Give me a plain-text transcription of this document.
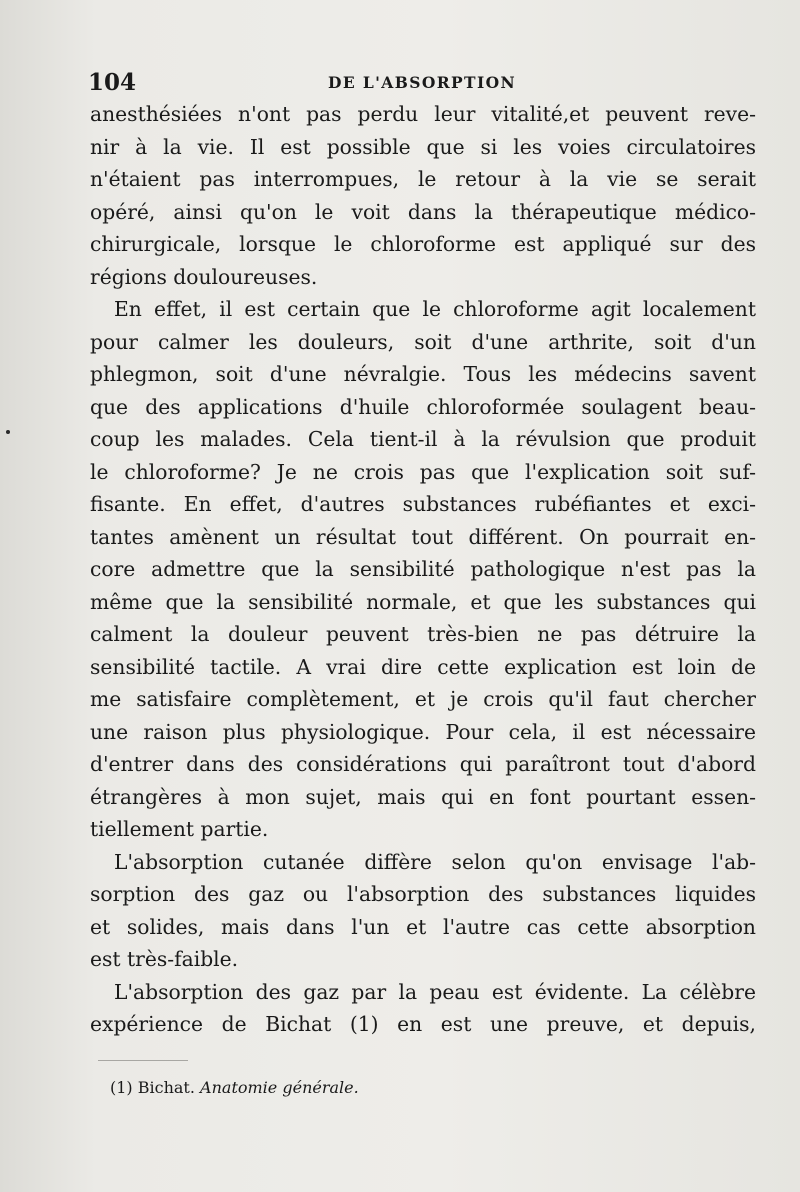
104	DE L'ABSORPTION
anesthésiées n'ont pas perdu leur vitalité,et peuvent reve-
nir à la vie. Il est possible que si les voies circulatoires
n'étaient pas interrompues, le retour à la vie se serait
opéré, ainsi qu'on le voit dans la thérapeutique médico-
chirurgicale, lorsque le chloroforme est appliqué sur des
régions douloureuses.
En effet, il est certain que le chloroforme agit localement
pour calmer les douleurs, soit d'une arthrite, soit d'un
phlegmon, soit d'une névralgie. Tous les médecins savent
que des applications d'huile chloroformée soulagent beau-
coup les malades. Cela tient-il à la révulsion que produit
le chloroforme? Je ne crois pas que l'explication soit suf-
fisante. En effet, d'autres substances rubéfiantes et exci-
tantes amènent un résultat tout différent. On pourrait en-
core admettre que la sensibilité pathologique n'est pas la
même que la sensibilité normale, et que les substances qui
calment la douleur peuvent très-bien ne pas détruire la
sensibilité tactile. A vrai dire cette explication est loin de
me satisfaire complètement, et je crois qu'il faut chercher
une raison plus physiologique. Pour cela, il est nécessaire
d'entrer dans des considérations qui paraîtront tout d'abord
étrangères à mon sujet, mais qui en font pourtant essen-
tiellement partie.
L'absorption cutanée diffère selon qu'on envisage l'ab-
sorption des gaz ou l'absorption des substances liquides
et solides, mais dans l'un et l'autre cas cette absorption
est très-faible.
L'absorption des gaz par la peau est évidente. La célèbre
expérience de Bichat (1) en est une preuve, et depuis,
(1) Bichat. Anatomie générale.
